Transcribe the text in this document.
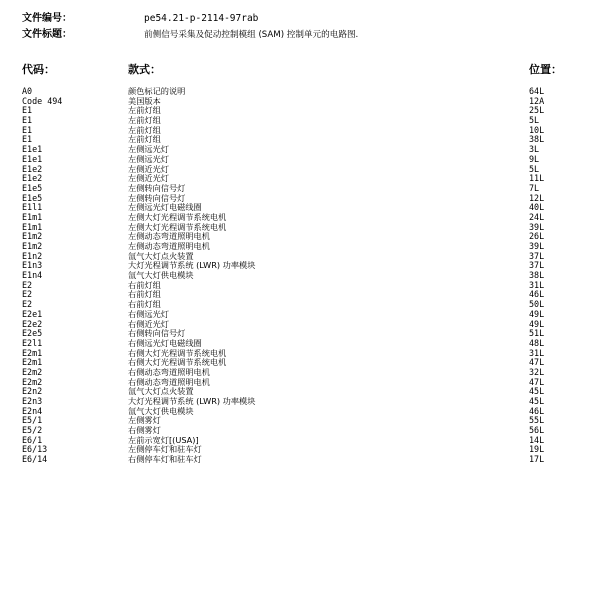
文件编号：	pe54.21-p-2114-97rab
文件标题：	前侧信号采集及促动控制模组 (SAM) 控制单元的电路图.
代码：	款式：	位置：
A0	颜色标记的说明	64L
Code 494	美国版本	12A
E1	左前灯组	25L
E1	左前灯组	5L
E1	左前灯组	10L
E1	左前灯组	38L
E1e1	左侧远光灯	3L
E1e1	左侧远光灯	9L
E1e2	左侧近光灯	5L
E1e2	左侧近光灯	11L
E1e5	左侧转向信号灯	7L
E1e5	左侧转向信号灯	12L
E1l1	左侧远光灯电磁线圈	40L
E1m1	左侧大灯光程调节系统电机	24L
E1m1	左侧大灯光程调节系统电机	39L
E1m2	左侧动态弯道照明电机	26L
E1m2	左侧动态弯道照明电机	39L
E1n2	氙气大灯点火装置	37L
E1n3	大灯光程调节系统 (LWR) 功率模块	37L
E1n4	氙气大灯供电模块	38L
E2	右前灯组	31L
E2	右前灯组	46L
E2	右前灯组	50L
E2e1	右侧远光灯	49L
E2e2	右侧近光灯	49L
E2e5	右侧转向信号灯	51L
E2l1	右侧远光灯电磁线圈	48L
E2m1	右侧大灯光程调节系统电机	31L
E2m1	右侧大灯光程调节系统电机	47L
E2m2	右侧动态弯道照明电机	32L
E2m2	右侧动态弯道照明电机	47L
E2n2	氙气大灯点火装置	45L
E2n3	大灯光程调节系统 (LWR) 功率模块	45L
E2n4	氙气大灯供电模块	46L
E5/1	左侧雾灯	55L
E5/2	右侧雾灯	56L
E6/1	左前示宽灯[(USA)]	14L
E6/13	左侧停车灯和驻车灯	19L
E6/14	右侧停车灯和驻车灯	17L
